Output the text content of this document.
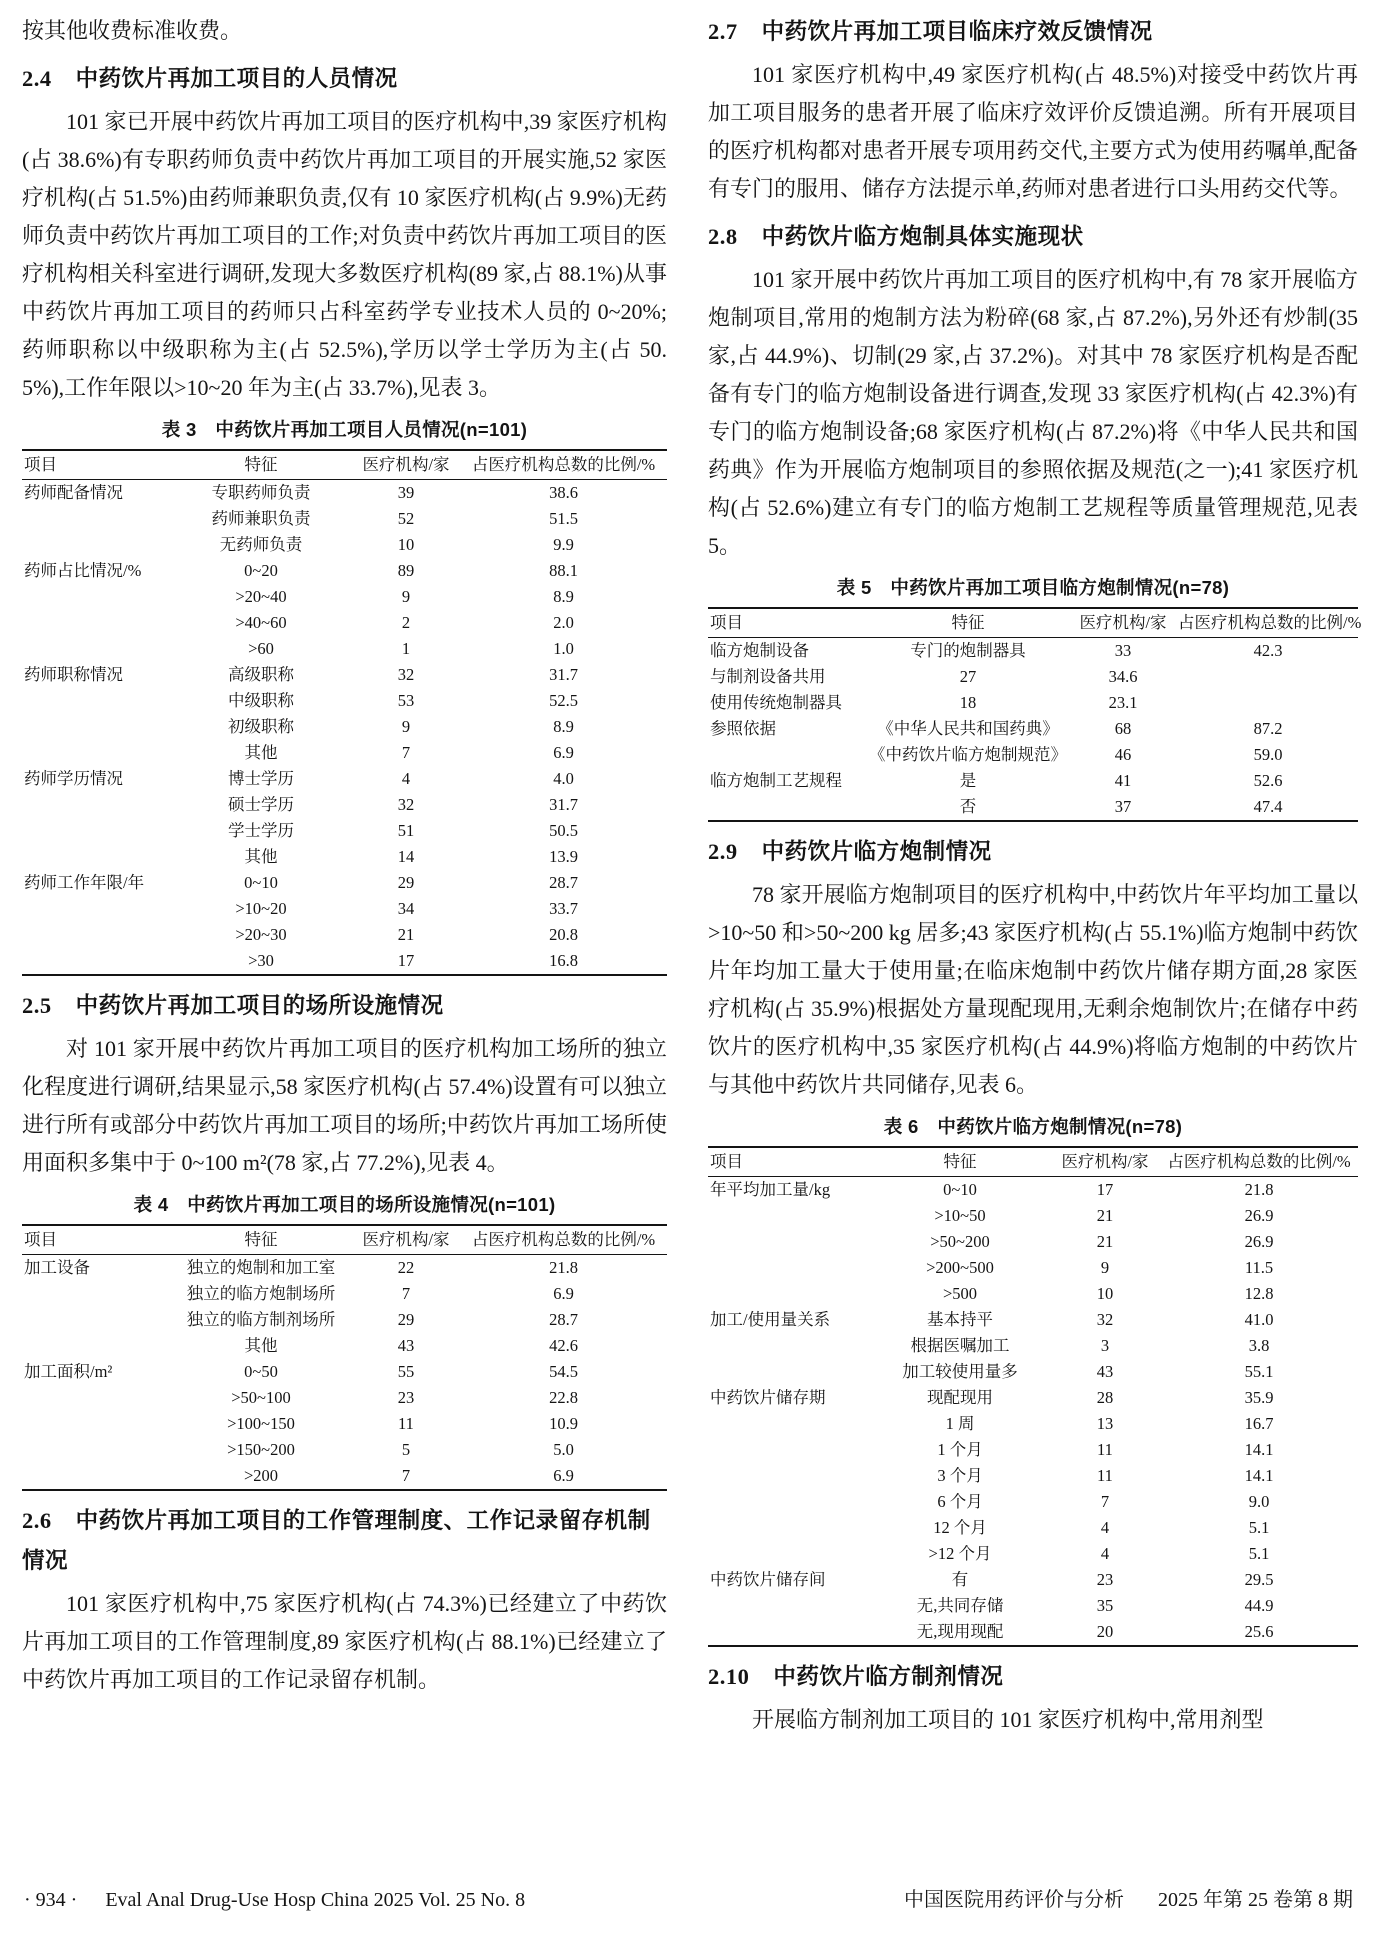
按其他收费标准收费。

2.4 中药饮片再加工项目的人员情况

101 家已开展中药饮片再加工项目的医疗机构中,39 家医疗机构(占 38.6%)有专职药师负责中药饮片再加工项目的开展实施,52 家医疗机构(占 51.5%)由药师兼职负责,仅有 10 家医疗机构(占 9.9%)无药师负责中药饮片再加工项目的工作;对负责中药饮片再加工项目的医疗机构相关科室进行调研,发现大多数医疗机构(89 家,占 88.1%)从事中药饮片再加工项目的药师只占科室药学专业技术人员的 0~20%;药师职称以中级职称为主(占 52.5%),学历以学士学历为主(占 50.5%),工作年限以>10~20 年为主(占 33.7%),见表 3。

表 3　中药饮片再加工项目人员情况(n=101)
项目	特征	医疗机构/家	占医疗机构总数的比例/%
药师配备情况	专职药师负责	39	38.6
	药师兼职负责	52	51.5
	无药师负责	10	9.9
药师占比情况/%	0~20	89	88.1
	>20~40	9	8.9
	>40~60	2	2.0
	>60	1	1.0
药师职称情况	高级职称	32	31.7
	中级职称	53	52.5
	初级职称	9	8.9
	其他	7	6.9
药师学历情况	博士学历	4	4.0
	硕士学历	32	31.7
	学士学历	51	50.5
	其他	14	13.9
药师工作年限/年	0~10	29	28.7
	>10~20	34	33.7
	>20~30	21	20.8
	>30	17	16.8
2.5 中药饮片再加工项目的场所设施情况

对 101 家开展中药饮片再加工项目的医疗机构加工场所的独立化程度进行调研,结果显示,58 家医疗机构(占 57.4%)设置有可以独立进行所有或部分中药饮片再加工项目的场所;中药饮片再加工场所使用面积多集中于 0~100 m²(78 家,占 77.2%),见表 4。

表 4　中药饮片再加工项目的场所设施情况(n=101)
项目	特征	医疗机构/家	占医疗机构总数的比例/%
加工设备	独立的炮制和加工室	22	21.8
	独立的临方炮制场所	7	6.9
	独立的临方制剂场所	29	28.7
	其他	43	42.6
加工面积/m²	0~50	55	54.5
	>50~100	23	22.8
	>100~150	11	10.9
	>150~200	5	5.0
	>200	7	6.9
2.6 中药饮片再加工项目的工作管理制度、工作记录留存机制情况

101 家医疗机构中,75 家医疗机构(占 74.3%)已经建立了中药饮片再加工项目的工作管理制度,89 家医疗机构(占 88.1%)已经建立了中药饮片再加工项目的工作记录留存机制。

2.7 中药饮片再加工项目临床疗效反馈情况

101 家医疗机构中,49 家医疗机构(占 48.5%)对接受中药饮片再加工项目服务的患者开展了临床疗效评价反馈追溯。所有开展项目的医疗机构都对患者开展专项用药交代,主要方式为使用药嘱单,配备有专门的服用、储存方法提示单,药师对患者进行口头用药交代等。

2.8 中药饮片临方炮制具体实施现状

101 家开展中药饮片再加工项目的医疗机构中,有 78 家开展临方炮制项目,常用的炮制方法为粉碎(68 家,占 87.2%),另外还有炒制(35 家,占 44.9%)、切制(29 家,占 37.2%)。对其中 78 家医疗机构是否配备有专门的临方炮制设备进行调查,发现 33 家医疗机构(占 42.3%)有专门的临方炮制设备;68 家医疗机构(占 87.2%)将《中华人民共和国药典》作为开展临方炮制项目的参照依据及规范(之一);41 家医疗机构(占 52.6%)建立有专门的临方炮制工艺规程等质量管理规范,见表 5。

表 5　中药饮片再加工项目临方炮制情况(n=78)
项目	特征	医疗机构/家	占医疗机构总数的比例/%
临方炮制设备	专门的炮制器具	33	42.3
与制剂设备共用	27	34.6	
使用传统炮制器具	18	23.1	
参照依据	《中华人民共和国药典》	68	87.2
	《中药饮片临方炮制规范》	46	59.0
临方炮制工艺规程	是	41	52.6
	否	37	47.4
2.9 中药饮片临方炮制情况

78 家开展临方炮制项目的医疗机构中,中药饮片年平均加工量以>10~50 和>50~200 kg 居多;43 家医疗机构(占 55.1%)临方炮制中药饮片年均加工量大于使用量;在临床炮制中药饮片储存期方面,28 家医疗机构(占 35.9%)根据处方量现配现用,无剩余炮制饮片;在储存中药饮片的医疗机构中,35 家医疗机构(占 44.9%)将临方炮制的中药饮片与其他中药饮片共同储存,见表 6。

表 6　中药饮片临方炮制情况(n=78)
项目	特征	医疗机构/家	占医疗机构总数的比例/%
年平均加工量/kg	0~10	17	21.8
	>10~50	21	26.9
	>50~200	21	26.9
	>200~500	9	11.5
	>500	10	12.8
加工/使用量关系	基本持平	32	41.0
	根据医嘱加工	3	3.8
	加工较使用量多	43	55.1
中药饮片储存期	现配现用	28	35.9
	1 周	13	16.7
	1 个月	11	14.1
	3 个月	11	14.1
	6 个月	7	9.0
	12 个月	4	5.1
	>12 个月	4	5.1
中药饮片储存间	有	23	29.5
	无,共同存储	35	44.9
	无,现用现配	20	25.6
2.10 中药饮片临方制剂情况

开展临方制剂加工项目的 101 家医疗机构中,常用剂型

· 934 · Eval Anal Drug-Use Hosp China 2025 Vol. 25 No. 8	中国医院用药评价与分析 2025 年第 25 卷第 8 期
